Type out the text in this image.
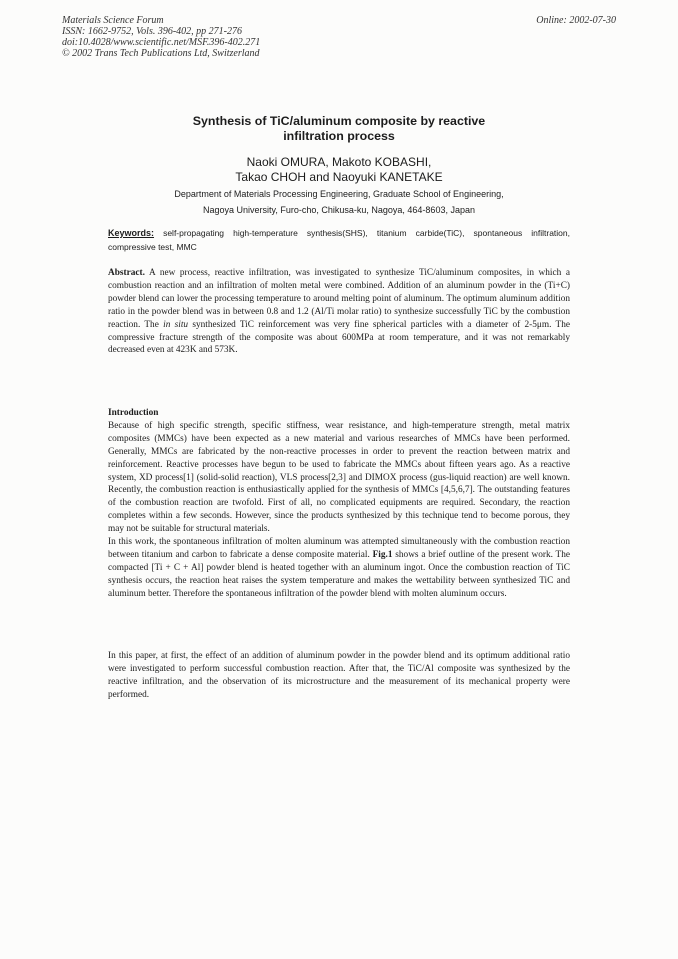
Materials Science Forum
ISSN: 1662-9752, Vols. 396-402, pp 271-276
doi:10.4028/www.scientific.net/MSF.396-402.271
© 2002 Trans Tech Publications Ltd, Switzerland
Online: 2002-07-30
Synthesis of TiC/aluminum composite by reactive
infiltration process
Naoki OMURA, Makoto KOBASHI,
Takao CHOH and Naoyuki KANETAKE
Department of Materials Processing Engineering, Graduate School of Engineering,
Nagoya University, Furo-cho, Chikusa-ku, Nagoya, 464-8603, Japan
Keywords: self-propagating high-temperature synthesis(SHS), titanium carbide(TiC), spontaneous infiltration, compressive test, MMC
Abstract. A new process, reactive infiltration, was investigated to synthesize TiC/aluminum composites, in which a combustion reaction and an infiltration of molten metal were combined. Addition of an aluminum powder in the (Ti+C) powder blend can lower the processing temperature to around melting point of aluminum. The optimum aluminum addition ratio in the powder blend was in between 0.8 and 1.2 (Al/Ti molar ratio) to synthesize successfully TiC by the combustion reaction. The in situ synthesized TiC reinforcement was very fine spherical particles with a diameter of 2-5μm. The compressive fracture strength of the composite was about 600MPa at room temperature, and it was not remarkably decreased even at 423K and 573K.
Introduction

Because of high specific strength, specific stiffness, wear resistance, and high-temperature strength, metal matrix composites (MMCs) have been expected as a new material and various researches of MMCs have been performed. Generally, MMCs are fabricated by the non-reactive processes in order to prevent the reaction between matrix and reinforcement. Reactive processes have begun to be used to fabricate the MMCs about fifteen years ago. As a reactive system, XD process[1] (solid-solid reaction), VLS process[2,3] and DIMOX process (gus-liquid reaction) are well known. Recently, the combustion reaction is enthusiastically applied for the synthesis of MMCs [4,5,6,7]. The outstanding features of the combustion reaction are twofold. First of all, no complicated equipments are required. Secondary, the reaction completes within a few seconds. However, since the products synthesized by this technique tend to become porous, they may not be suitable for structural materials.

In this work, the spontaneous infiltration of molten aluminum was attempted simultaneously with the combustion reaction between titanium and carbon to fabricate a dense composite material. Fig.1 shows a brief outline of the present work. The compacted [Ti + C + Al] powder blend is heated together with an aluminum ingot. Once the combustion reaction of TiC synthesis occurs, the reaction heat raises the system temperature and makes the wettability between synthesized TiC and aluminum better. Therefore the spontaneous infiltration of the powder blend with molten aluminum occurs.

In this paper, at first, the effect of an addition of aluminum powder in the powder blend and its optimum additional ratio were investigated to perform successful combustion reaction. After that, the TiC/Al composite was synthesized by the reactive infiltration, and the observation of its microstructure and the measurement of its mechanical property were performed.
